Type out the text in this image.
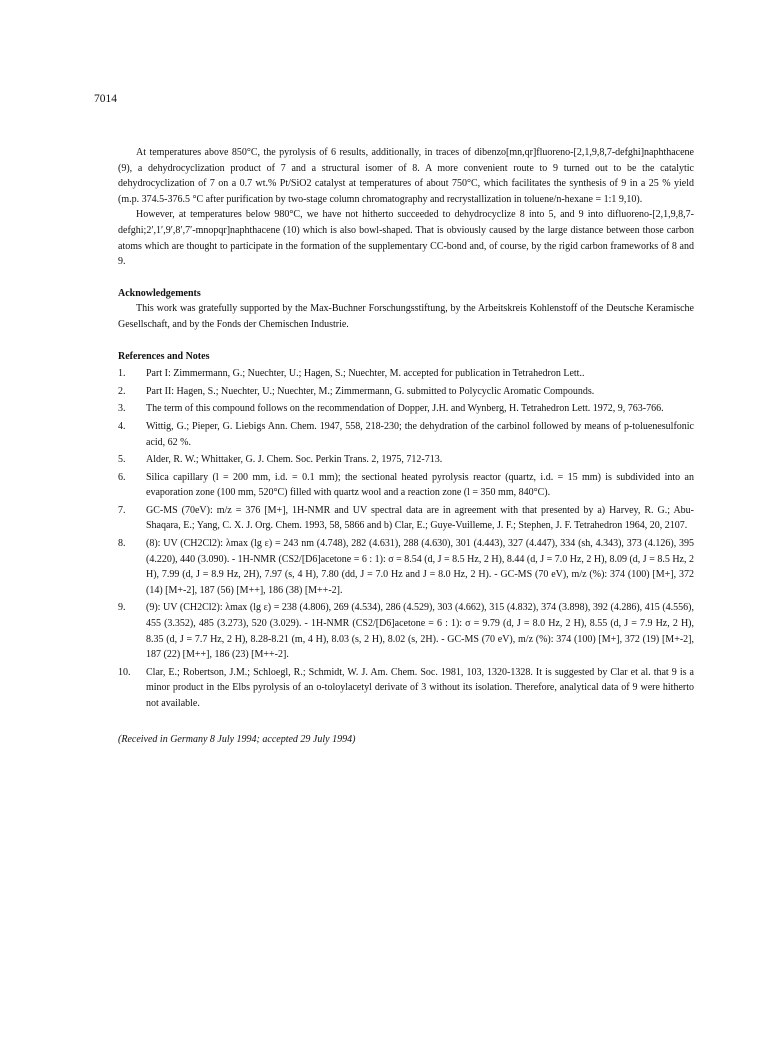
7014

At temperatures above 850°C, the pyrolysis of 6 results, additionally, in traces of dibenzo[mn,qr]fluoreno-[2,1,9,8,7-defghi]naphthacene (9), a dehydrocyclization product of 7 and a structural isomer of 8. A more convenient route to 9 turned out to be the catalytic dehydrocyclization of 7 on a 0.7 wt.% Pt/SiO2 catalyst at temperatures of about 750°C, which facilitates the synthesis of 9 in a 25 % yield (m.p. 374.5-376.5 °C after purification by two-stage column chromatography and recrystallization in toluene/n-hexane = 1:1 9,10).

However, at temperatures below 980°C, we have not hitherto succeeded to dehydrocyclize 8 into 5, and 9 into difluoreno-[2,1,9,8,7-defghi;2′,1′,9′,8′,7′-mnopqr]naphthacene (10) which is also bowl-shaped. That is obviously caused by the large distance between those carbon atoms which are thought to participate in the formation of the supplementary CC-bond and, of course, by the rigid carbon frameworks of 8 and 9.

Acknowledgements

This work was gratefully supported by the Max-Buchner Forschungsstiftung, by the Arbeitskreis Kohlenstoff of the Deutsche Keramische Gesellschaft, and by the Fonds der Chemischen Industrie.

References and Notes
1.	Part I: Zimmermann, G.; Nuechter, U.; Hagen, S.; Nuechter, M. accepted for publication in Tetrahedron Lett..
2.	Part II: Hagen, S.; Nuechter, U.; Nuechter, M.; Zimmermann, G. submitted to Polycyclic Aromatic Compounds.
3.	The term of this compound follows on the recommendation of Dopper, J.H. and Wynberg, H. Tetrahedron Lett. 1972, 9, 763-766.
4.	Wittig, G.; Pieper, G. Liebigs Ann. Chem. 1947, 558, 218-230; the dehydration of the carbinol followed by means of p-toluenesulfonic acid, 62 %.
5.	Alder, R. W.; Whittaker, G. J. Chem. Soc. Perkin Trans. 2, 1975, 712-713.
6.	Silica capillary (l = 200 mm, i.d. = 0.1 mm); the sectional heated pyrolysis reactor (quartz, i.d. = 15 mm) is subdivided into an evaporation zone (100 mm, 520°C) filled with quartz wool and a reaction zone (l = 350 mm, 840°C).
7.	GC-MS (70eV): m/z = 376 [M+], 1H-NMR and UV spectral data are in agreement with that presented by a) Harvey, R. G.; Abu-Shaqara, E.; Yang, C. X. J. Org. Chem. 1993, 58, 5866 and b) Clar, E.; Guye-Vuilleme, J. F.; Stephen, J. F. Tetrahedron 1964, 20, 2107.
8.	(8): UV (CH2Cl2): λmax (lg ε) = 243 nm (4.748), 282 (4.631), 288 (4.630), 301 (4.443), 327 (4.447), 334 (sh, 4.343), 373 (4.126), 395 (4.220), 440 (3.090). - 1H-NMR (CS2/[D6]acetone = 6 : 1): σ = 8.54 (d, J = 8.5 Hz, 2 H), 8.44 (d, J = 7.0 Hz, 2 H), 8.09 (d, J = 8.5 Hz, 2 H), 7.99 (d, J = 8.9 Hz, 2H), 7.97 (s, 4 H), 7.80 (dd, J = 7.0 Hz and J = 8.0 Hz, 2 H). - GC-MS (70 eV), m/z (%): 374 (100) [M+], 372 (14) [M+-2], 187 (56) [M++], 186 (38) [M++-2].
9.	(9): UV (CH2Cl2): λmax (lg ε) = 238 (4.806), 269 (4.534), 286 (4.529), 303 (4.662), 315 (4.832), 374 (3.898), 392 (4.286), 415 (4.556), 455 (3.352), 485 (3.273), 520 (3.029). - 1H-NMR (CS2/[D6]acetone = 6 : 1): σ = 9.79 (d, J = 8.0 Hz, 2 H), 8.55 (d, J = 7.9 Hz, 2 H), 8.35 (d, J = 7.7 Hz, 2 H), 8.28-8.21 (m, 4 H), 8.03 (s, 2 H), 8.02 (s, 2H). - GC-MS (70 eV), m/z (%): 374 (100) [M+], 372 (19) [M+-2], 187 (22) [M++], 186 (23) [M++-2].
10.	Clar, E.; Robertson, J.M.; Schloegl, R.; Schmidt, W. J. Am. Chem. Soc. 1981, 103, 1320-1328. It is suggested by Clar et al. that 9 is a minor product in the Elbs pyrolysis of an o-toloylacetyl derivate of 3 without its isolation. Therefore, analytical data of 9 were hitherto not available.
(Received in Germany 8 July 1994; accepted 29 July 1994)
